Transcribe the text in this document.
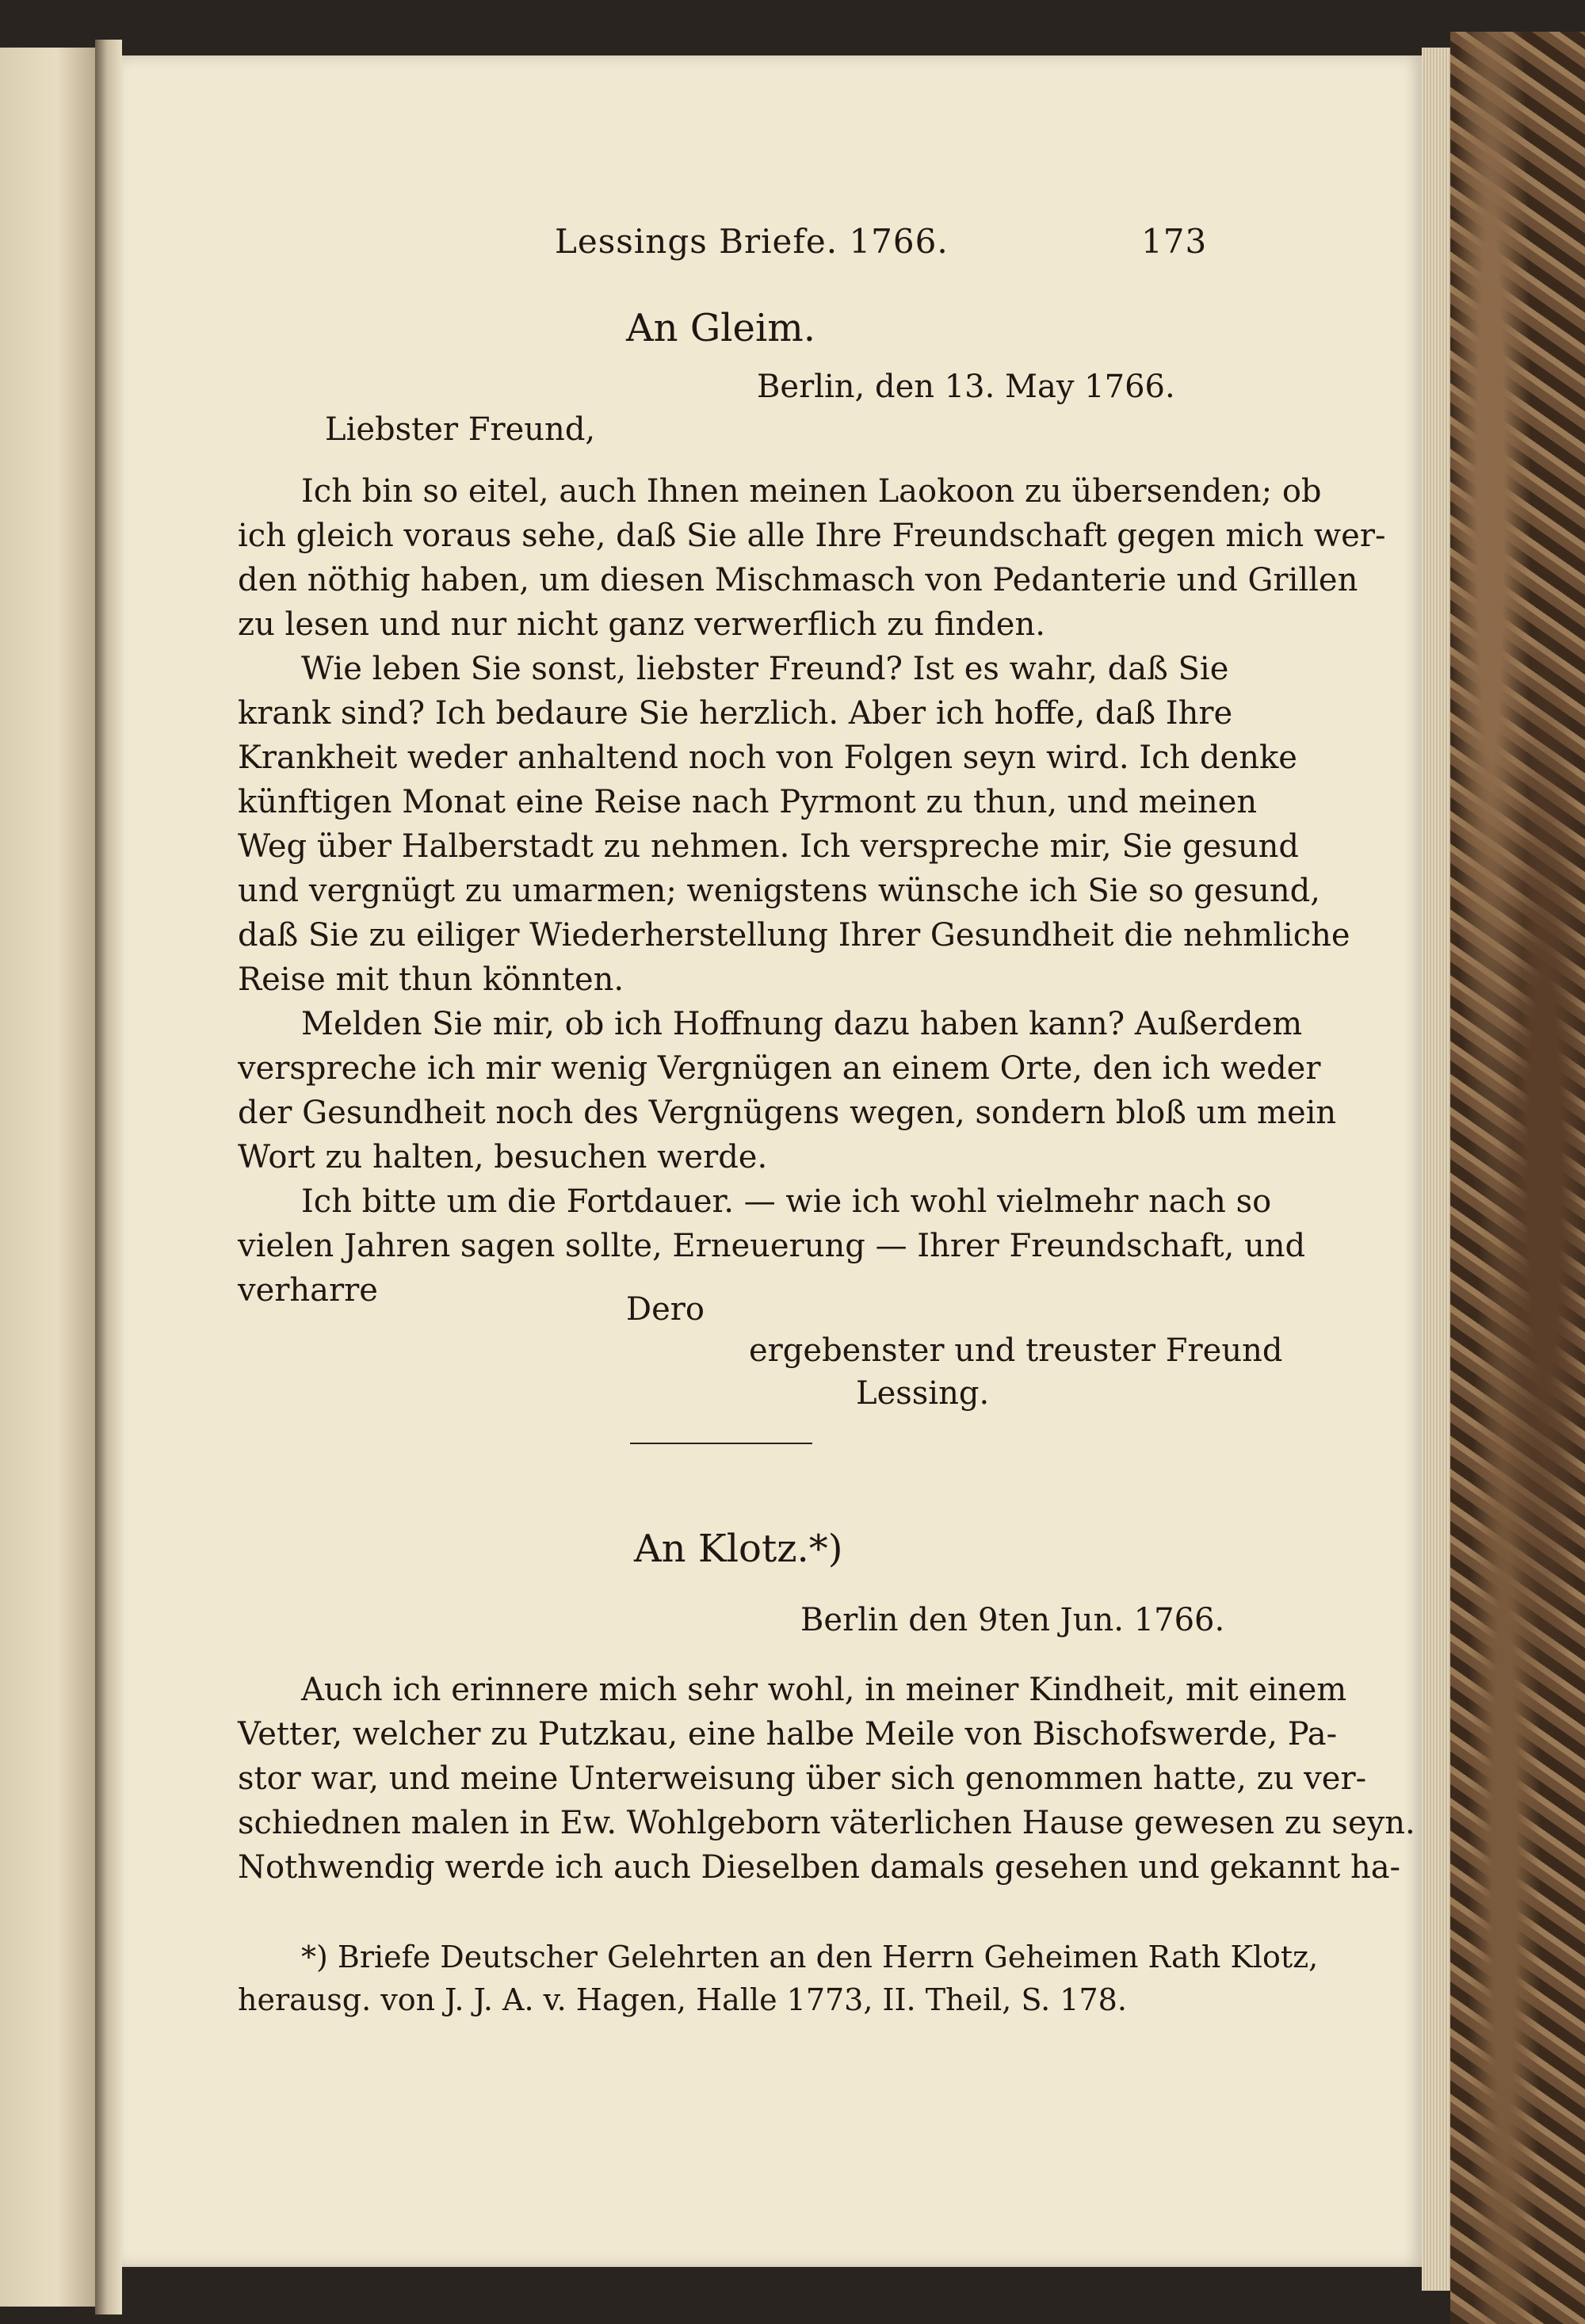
Lessings Briefe. 1766.	173

An Gleim.

Berlin, den 13. May 1766.

Liebster Freund,

Ich bin so eitel, auch Ihnen meinen Laokoon zu übersenden; ob

ich gleich voraus sehe, daß Sie alle Ihre Freundschaft gegen mich wer-

den nöthig haben, um diesen Mischmasch von Pedanterie und Grillen

zu lesen und nur nicht ganz verwerflich zu finden.

Wie leben Sie sonst, liebster Freund? Ist es wahr, daß Sie

krank sind? Ich bedaure Sie herzlich. Aber ich hoffe, daß Ihre

Krankheit weder anhaltend noch von Folgen seyn wird. Ich denke

künftigen Monat eine Reise nach Pyrmont zu thun, und meinen

Weg über Halberstadt zu nehmen. Ich verspreche mir, Sie gesund

und vergnügt zu umarmen; wenigstens wünsche ich Sie so gesund,

daß Sie zu eiliger Wiederherstellung Ihrer Gesundheit die nehmliche

Reise mit thun könnten.

Melden Sie mir, ob ich Hoffnung dazu haben kann? Außerdem

verspreche ich mir wenig Vergnügen an einem Orte, den ich weder

der Gesundheit noch des Vergnügens wegen, sondern bloß um mein

Wort zu halten, besuchen werde.

Ich bitte um die Fortdauer. — wie ich wohl vielmehr nach so

vielen Jahren sagen sollte, Erneuerung — Ihrer Freundschaft, und

verharre

Dero

ergebenster und treuster Freund

Lessing.

An Klotz.*)

Berlin den 9ten Jun. 1766.

Auch ich erinnere mich sehr wohl, in meiner Kindheit, mit einem

Vetter, welcher zu Putzkau, eine halbe Meile von Bischofswerde, Pa-

stor war, und meine Unterweisung über sich genommen hatte, zu ver-

schiednen malen in Ew. Wohlgeborn väterlichen Hause gewesen zu seyn.

Nothwendig werde ich auch Dieselben damals gesehen und gekannt ha-

*) Briefe Deutscher Gelehrten an den Herrn Geheimen Rath Klotz,

herausg. von J. J. A. v. Hagen, Halle 1773, II. Theil, S. 178.
